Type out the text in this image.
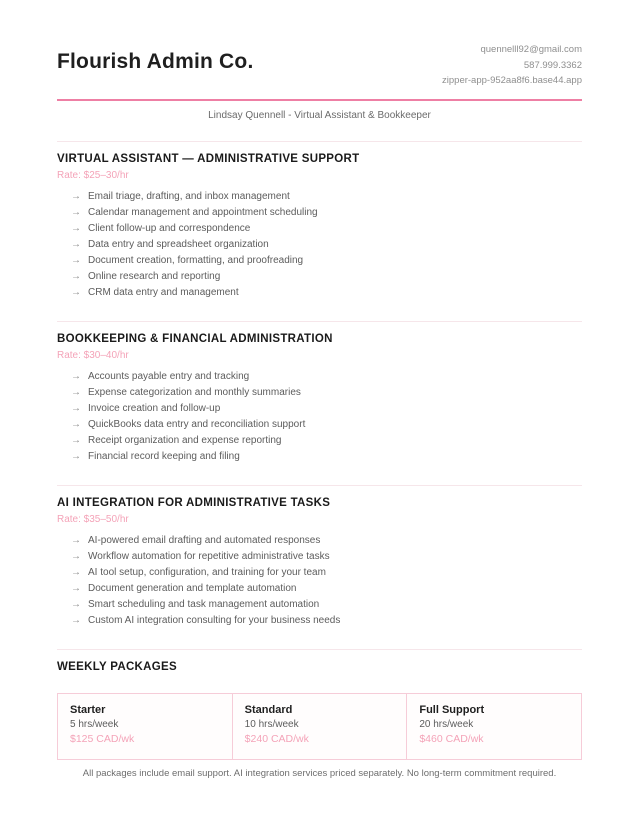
Flourish Admin Co.
quennelll92@gmail.com
587.999.3362
zipper-app-952aa8f6.base44.app
Lindsay Quennell - Virtual Assistant & Bookkeeper
VIRTUAL ASSISTANT — ADMINISTRATIVE SUPPORT
Rate: $25–30/hr
→ Email triage, drafting, and inbox management
→ Calendar management and appointment scheduling
→ Client follow-up and correspondence
→ Data entry and spreadsheet organization
→ Document creation, formatting, and proofreading
→ Online research and reporting
→ CRM data entry and management
BOOKKEEPING & FINANCIAL ADMINISTRATION
Rate: $30–40/hr
→ Accounts payable entry and tracking
→ Expense categorization and monthly summaries
→ Invoice creation and follow-up
→ QuickBooks data entry and reconciliation support
→ Receipt organization and expense reporting
→ Financial record keeping and filing
AI INTEGRATION FOR ADMINISTRATIVE TASKS
Rate: $35–50/hr
→ AI-powered email drafting and automated responses
→ Workflow automation for repetitive administrative tasks
→ AI tool setup, configuration, and training for your team
→ Document generation and template automation
→ Smart scheduling and task management automation
→ Custom AI integration consulting for your business needs
WEEKLY PACKAGES
Starter
5 hrs/week
$125 CAD/wk
Standard
10 hrs/week
$240 CAD/wk
Full Support
20 hrs/week
$460 CAD/wk
All packages include email support. AI integration services priced separately. No long-term commitment required.
